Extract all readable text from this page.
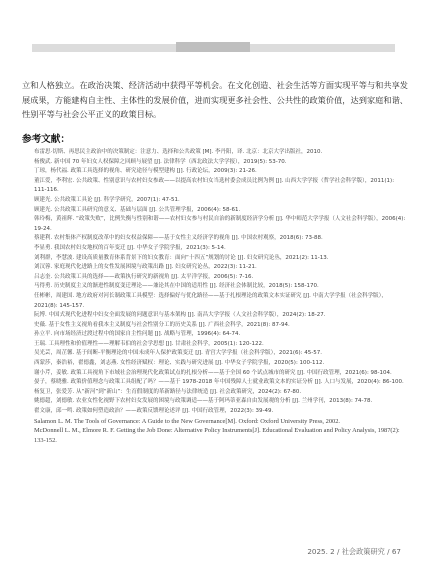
立和人格独立。在政治决策、经济活动中获得平等机会。在文化创造、社会生活等方面实现平等与和共享发展成果，方能建构自主性、主体性的发展价值，进而实现更多社会性、公共性的政策价值，达到家庭和谐、性别平等与社会公平正义的政策目标。

参考文献：
布雷思·切斯、再思民主政治中的决策制定：注意力、选择和公共政策 [M]. 李丹阳，译. 北京：北京大学出版社，2010.
杨俊武. 新中国 70 年妇女人权保障之回顾与展望 [J]. 法律科学（西北政法大学学报），2019(5): 53-70.
丁琼，杨代福. 政策工具选择的视角、研究途径与模型建构 [J]. 行政论坛，2009(3): 21-26.
董江爱，李利宏. 公共政策、性别意识与农村妇女参政——以提高农村妇女当选村委会成员比例为例 [J]. 山西大学学报（哲学社会科学版），2011(1): 111-116.
顾建光. 公共政策工具论 [J]. 科学学研究，2007(1): 47-51.
顾建光. 公共政策工具研究的意义、基础与层面 [J]. 公共管理学报，2006(4): 58-61.
韩玲梅，黄祖辉. “政策失败”，比例失衡与性别和谐——农村妇女参与村民自治的新制度经济学分析 [J]. 华中师范大学学报（人文社会科学版），2006(4): 19-24.
蔡建利. 农村集体产权制度改革中的妇女权益保障——基于女性主义经济学的视角 [J]. 中国农村观察，2018(6): 73-88.
李显勇. 我国农村妇女地权的百年变迁 [J]. 中华女子学院学报，2021(3): 5-14.
刘利群，李慧波. 建设高质量教育体系背景下的妇女教育：面向“十四五”规划的讨论 [J]. 妇女研究论丛，2021(2): 11-13.
刘汉蓉. 家庭现代化进路上的女性发展困境与政策出路 [J]. 妇女研究论丛，2022(3): 11-21.
吕志奎. 公共政策工具的选择——政策执行研究的新视角 [J]. 太平洋学报，2006(5): 7-16.
马得勇. 历史制度主义的渐进性制度变迁理论——兼论其在中国的适用性 [J]. 经济社会体制比较，2018(5): 158-170.
任彬彬，周建国. 地方政府对河长制政策工具模型：选择偏好与优化路径——基于扎根理论的政策文本实证研究 [J]. 中南大学学报（社会科学版），2021(8): 145-157.
阮博. 中国式现代化进程中妇女全面发展的问题意识与基本架构 [J]. 南昌大学学报（人文社会科学版），2024(2): 18-27.
史薇. 基于女性主义视角看我本主义制度与社会性别分工的历史关系 [J]. 广西社会科学，2021(8): 87-94.
孙立平. 向市场经济过渡过程中的国家自主性问题 [J]. 战略与管理，1996(4): 64-74.
王瑞. 工具理性和价值理性——理解韦伯的社会学思想 [J]. 甘肃社会科学，2005(1): 120-122.
吴光芸，周芷馨. 基于间断-平衡理论的中国未成年人保护政策变迁 [J]. 青宫大学学报（社会科学版），2021(6): 45-57.
西蒙莎，秦浩裕，翟德鑫，刘志燕. 女性经济赋权：理论、实践与研究进展 [J]. 中华女子学院学报，2020(5): 100-112.
谢小芹，姜敏. 政策工具视角下市域社会治理现代化政策试点的扎根分析——基于全国 60 个试点城市的研究 [J]. 中国行政管理，2021(6): 98-104.
晏子，蔡晓雅. 政策价值理念与政策工具组配了吗？——基于 1978-2018 年中国残障人士就业政策文本的实证分析 [J]. 人口与发展，2020(4): 86-100.
杨复卫，张爱芳. 从“新河”到“新山”：生育假制度的革新路径与法律统造 [J]. 社会政策研究，2024(2): 67-80.
姚德超，刘德敏. 农业女性化视野下农村妇女发展的困境与政策调适——基于阿玛蒂亚森自由发展观的分析 [J]. 兰州学刊，2013(8): 74-78.
翟文康，邱一鸣. 政策如何塑造政治？——政策反馈理论述评 [J]. 中国行政管理，2022(3): 39-49.
Salamon L. M. The Tools of Governance: A Guide to the New Governance[M]. Oxford: Oxford University Press, 2002.
McDonnell L. M., Elmore R. F. Getting the Job Done: Alternative Policy Instruments[J]. Educational Evaluation and Policy Analysis, 1987(2): 133-152.
2025. 2 / 社会政策研究 / 67
